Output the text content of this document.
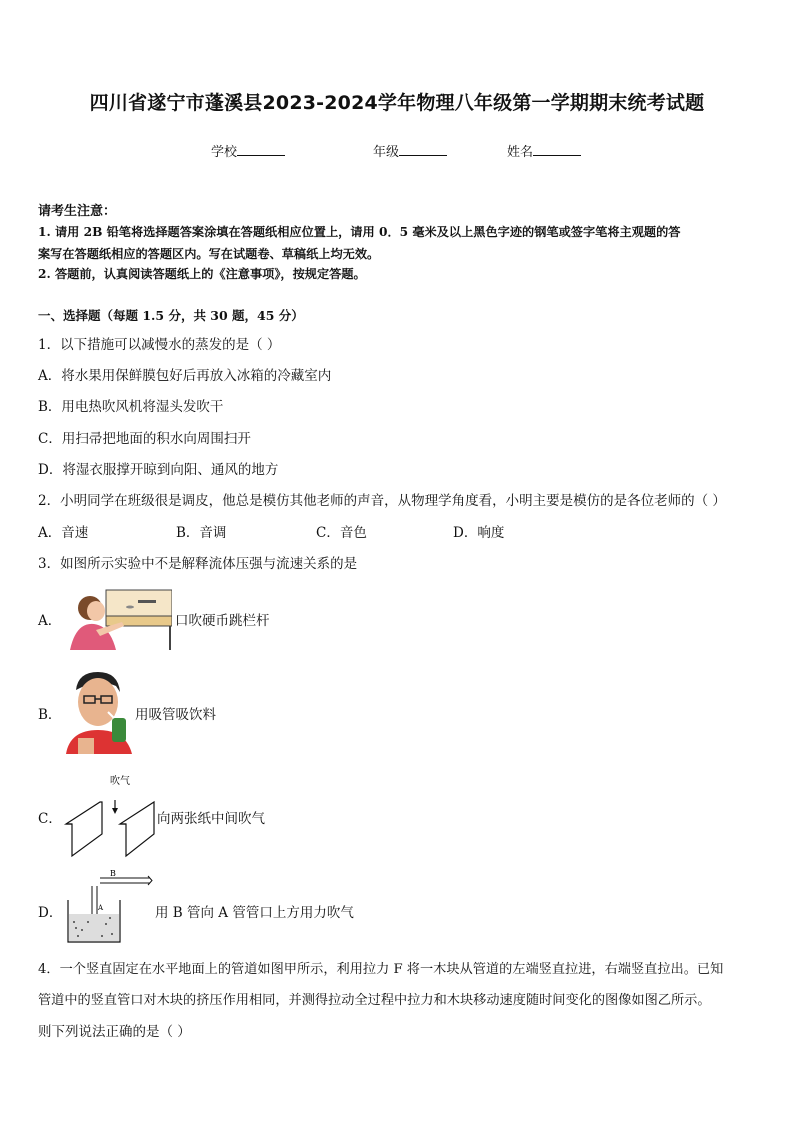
四川省遂宁市蓬溪县2023-2024学年物理八年级第一学期期末统考试题
学校	年级	姓名
请考生注意：
1. 请用 2B 铅笔将选择题答案涂填在答题纸相应位置上，请用 0．5 毫米及以上黑色字迹的钢笔或签字笔将主观题的答
案写在答题纸相应的答题区内。写在试题卷、草稿纸上均无效。
2. 答题前，认真阅读答题纸上的《注意事项》，按规定答题。
一、选择题（每题 1.5 分，共 30 题，45 分）
1．以下措施可以减慢水的蒸发的是（ ）
A．将水果用保鲜膜包好后再放入冰箱的冷藏室内
B．用电热吹风机将湿头发吹干
C．用扫帚把地面的积水向周围扫开
D．将湿衣服撑开晾到向阳、通风的地方
2．小明同学在班级很是调皮，他总是模仿其他老师的声音，从物理学角度看，小明主要是模仿的是各位老师的（ ）
A．音速	B．音调	C．音色	D．响度
3．如图所示实验中不是解释流体压强与流速关系的是
A．	口吹硬币跳栏杆
B．	用吸管吸饮料
C．
吹气
向两张纸中间吹气
D．
B
A	用 B 管向 A 管管口上方用力吹气
4．一个竖直固定在水平地面上的管道如图甲所示，利用拉力 F 将一木块从管道的左端竖直拉进，右端竖直拉出。已知
管道中的竖直管口对木块的挤压作用相同，并测得拉动全过程中拉力和木块移动速度随时间变化的图像如图乙所示。
则下列说法正确的是（ ）
